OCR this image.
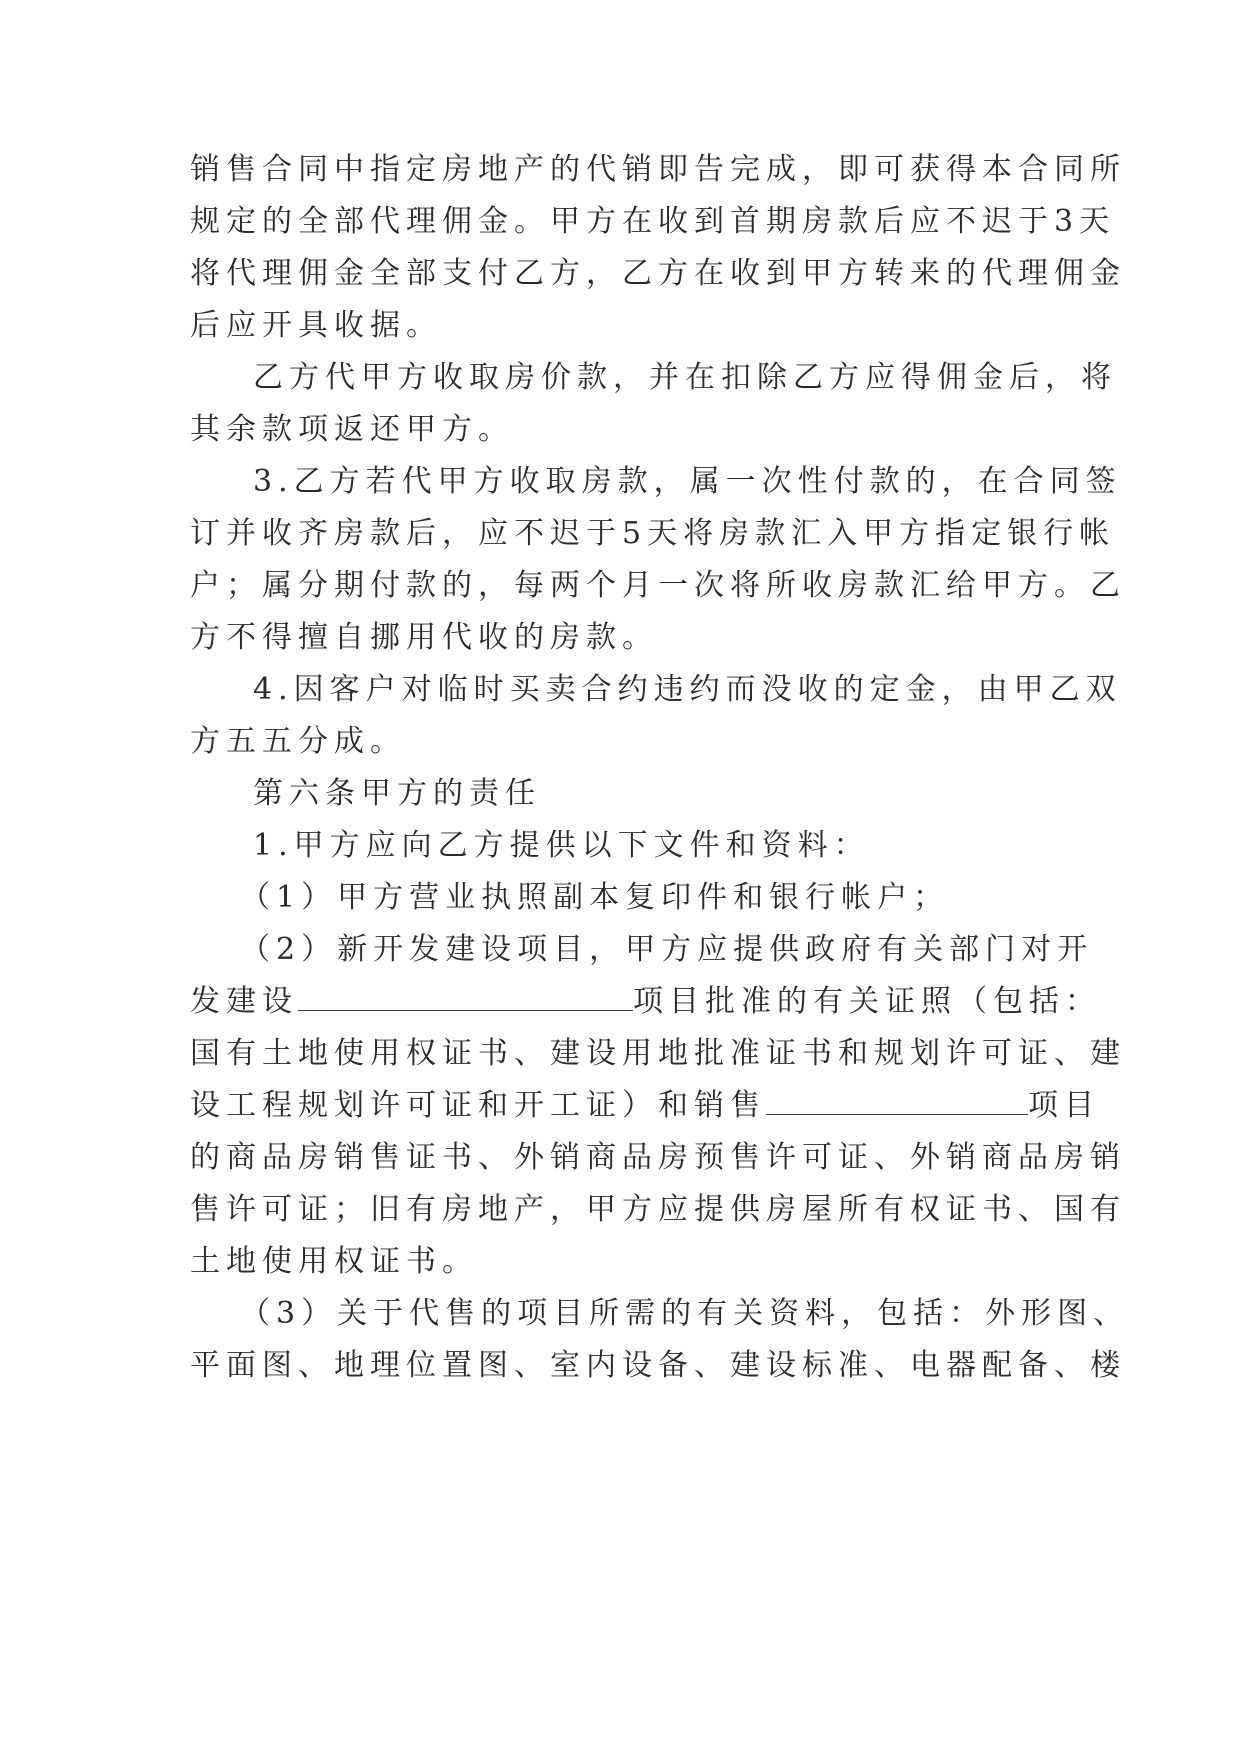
销售合同中指定房地产的代销即告完成，即可获得本合同所
规定的全部代理佣金。甲方在收到首期房款后应不迟于3天
将代理佣金全部支付乙方，乙方在收到甲方转来的代理佣金
后应开具收据。
乙方代甲方收取房价款，并在扣除乙方应得佣金后，将
其余款项返还甲方。
3.乙方若代甲方收取房款，属一次性付款的，在合同签
订并收齐房款后，应不迟于5天将房款汇入甲方指定银行帐
户；属分期付款的，每两个月一次将所收房款汇给甲方。乙
方不得擅自挪用代收的房款。
4.因客户对临时买卖合约违约而没收的定金，由甲乙双
方五五分成。
第六条甲方的责任
1.甲方应向乙方提供以下文件和资料：
（1）甲方营业执照副本复印件和银行帐户；
（2）新开发建设项目，甲方应提供政府有关部门对开
发建设	项目批准的有关证照（包括：
国有土地使用权证书、建设用地批准证书和规划许可证、建
设工程规划许可证和开工证）和销售	项目
的商品房销售证书、外销商品房预售许可证、外销商品房销
售许可证；旧有房地产，甲方应提供房屋所有权证书、国有
土地使用权证书。
（3）关于代售的项目所需的有关资料，包括：外形图、
平面图、地理位置图、室内设备、建设标准、电器配备、楼
